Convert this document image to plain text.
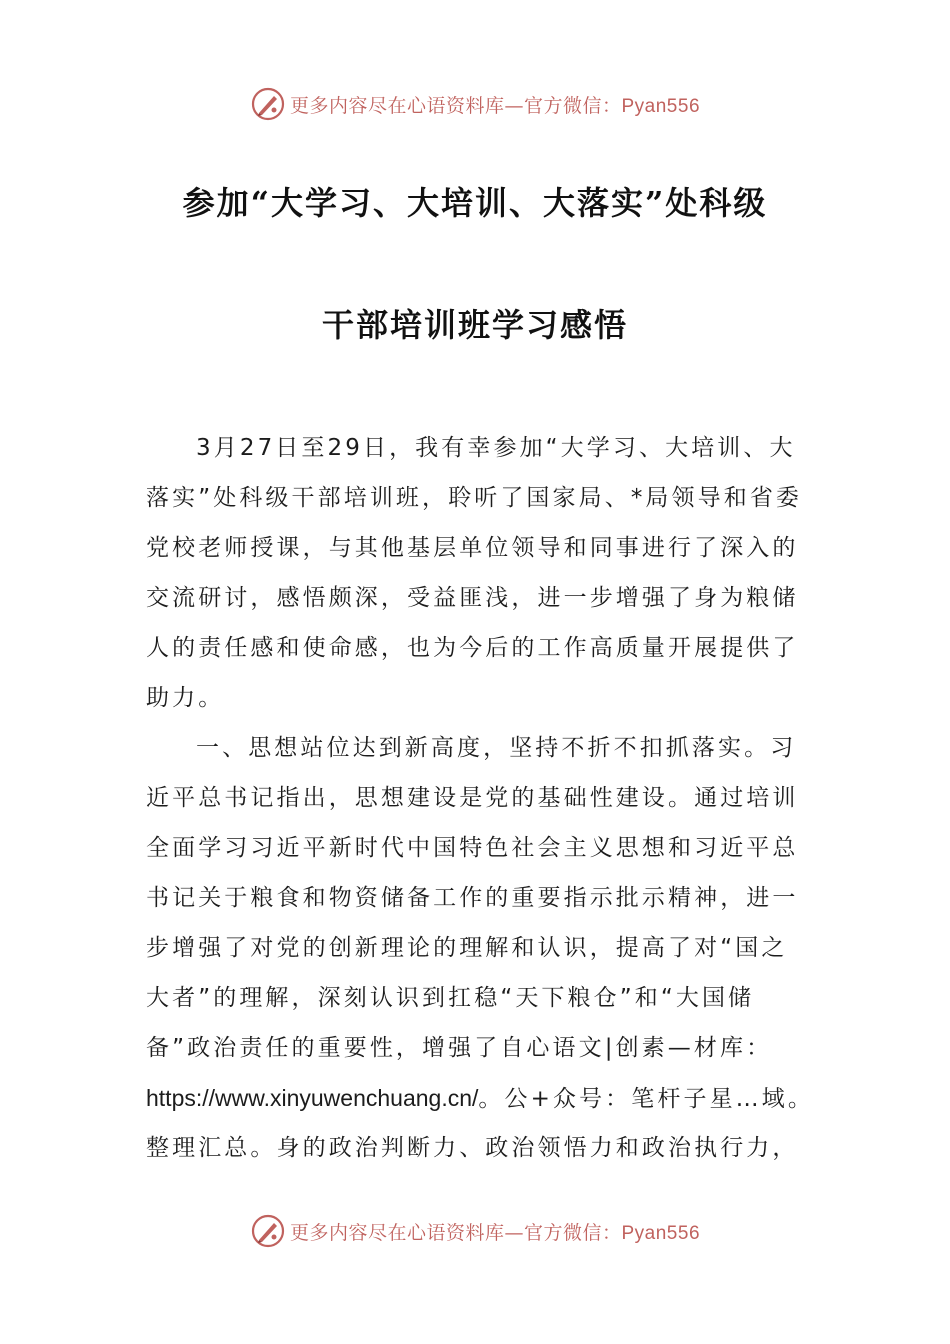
更多内容尽在心语资料库—官方微信：Pyan556
参加“大学习、大培训、大落实”处科级
干部培训班学习感悟
3月27日至29日，我有幸参加“大学习、大培训、大
落实”处科级干部培训班，聆听了国家局、*局领导和省委
党校老师授课，与其他基层单位领导和同事进行了深入的
交流研讨，感悟颇深，受益匪浅，进一步增强了身为粮储
人的责任感和使命感，也为今后的工作高质量开展提供了
助力。
一、思想站位达到新高度，坚持不折不扣抓落实。习
近平总书记指出，思想建设是党的基础性建设。通过培训
全面学习习近平新时代中国特色社会主义思想和习近平总
书记关于粮食和物资储备工作的重要指示批示精神，进一
步增强了对党的创新理论的理解和认识，提高了对“国之
大者”的理解，深刻认识到扛稳“天下粮仓”和“大国储
备”政治责任的重要性，增强了自心语文|创素—材库：
https://www.xinyuwenchuang.cn/。公+众号：笔杆子星…域。
整理汇总。身的政治判断力、政治领悟力和政治执行力，
更多内容尽在心语资料库—官方微信：Pyan556
